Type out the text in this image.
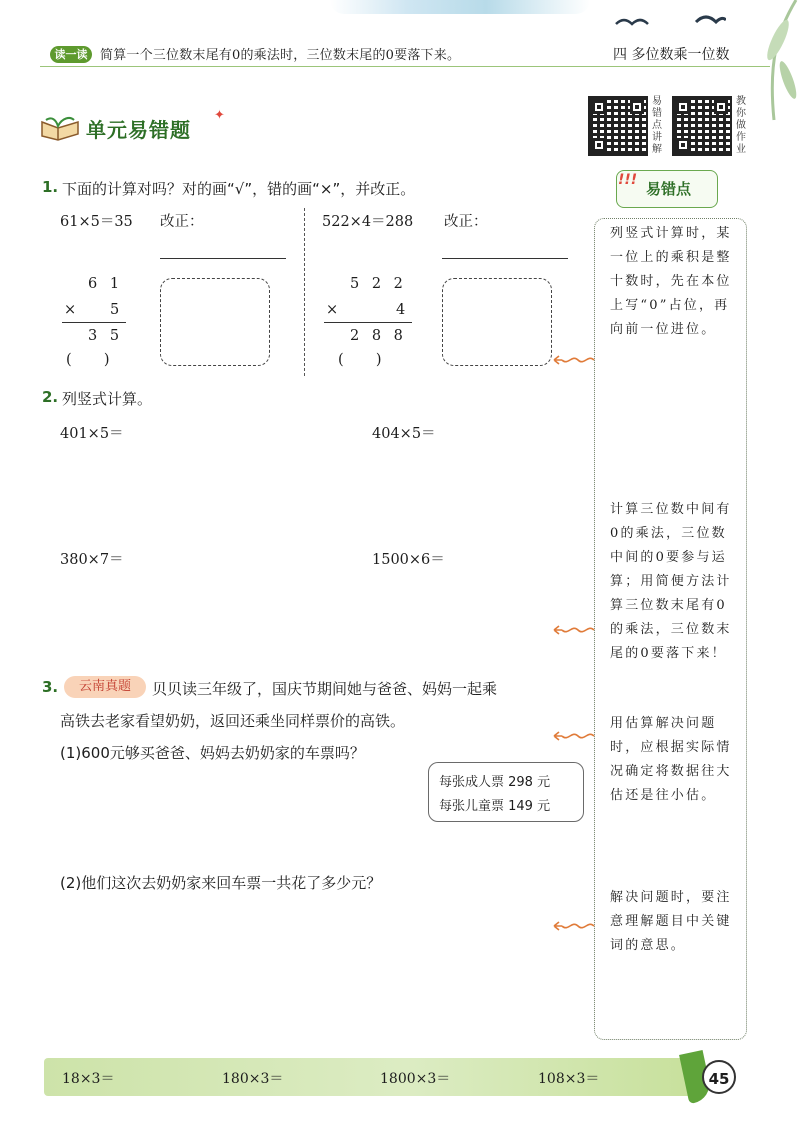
读一读 简算一个三位数末尾有0的乘法时，三位数末尾的0要落下来。	四 多位数乘一位数
易错点讲解
教你做作业
单元易错题
✦
1. 下面的计算对吗？对的画“√”，错的画“×”，并改正。
61×5＝35 改正：
6 1
× 5
3 5
(       )
522×4＝288 改正：
5 2 2
×	4
2 8 8
(       )
2. 列竖式计算。
401×5＝	404×5＝
380×7＝	1500×6＝
3.	云南真题	贝贝读三年级了，国庆节期间她与爸爸、妈妈一起乘
高铁去老家看望奶奶，返回还乘坐同样票价的高铁。
(1)600元够买爸爸、妈妈去奶奶家的车票吗？
每张成人票 298 元
每张儿童票 149 元
(2)他们这次去奶奶家来回车票一共花了多少元？
!!! 易错点
列竖式计算时，某一位上的乘积是整十数时，先在本位上写“0”占位，再向前一位进位。
计算三位数中间有0的乘法，三位数中间的0要参与运算；用简便方法计算三位数末尾有0的乘法，三位数末尾的0要落下来！
用估算解决问题时，应根据实际情况确定将数据往大估还是往小估。
解决问题时，要注意理解题目中关键词的意思。
18×3＝	180×3＝	1800×3＝	108×3＝	45
